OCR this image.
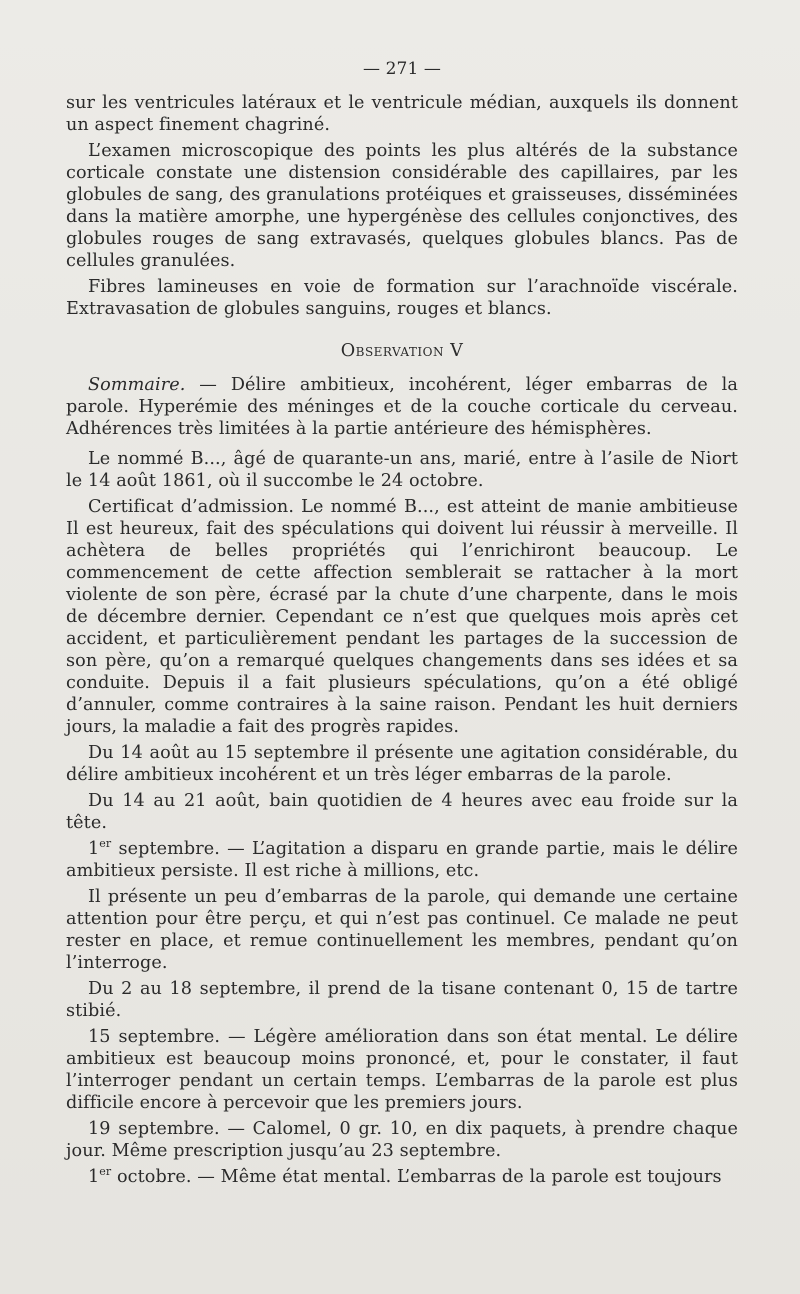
— 271 —

sur les ventricules latéraux et le ventricule médian, auxquels ils donnent un aspect finement chagriné.

L’examen microscopique des points les plus altérés de la substance corticale constate une distension considérable des capillaires, par les globules de sang, des granulations protéiques et graisseuses, disséminées dans la matière amorphe, une hypergénèse des cellules conjonctives, des globules rouges de sang extravasés, quelques globules blancs. Pas de cellules granulées.

Fibres lamineuses en voie de formation sur l’arachnoïde viscérale. Extravasation de globules sanguins, rouges et blancs.

Observation V

Sommaire. — Délire ambitieux, incohérent, léger embarras de la parole. Hyperémie des méninges et de la couche corticale du cerveau. Adhérences très limitées à la partie antérieure des hémisphères.

Le nommé B..., âgé de quarante-un ans, marié, entre à l’asile de Niort le 14 août 1861, où il succombe le 24 octobre.

Certificat d’admission. Le nommé B..., est atteint de manie ambitieuse Il est heureux, fait des spéculations qui doivent lui réussir à merveille. Il achètera de belles propriétés qui l’enrichiront beaucoup. Le commencement de cette affection semblerait se rattacher à la mort violente de son père, écrasé par la chute d’une charpente, dans le mois de décembre dernier. Cependant ce n’est que quelques mois après cet accident, et particulièrement pendant les partages de la succession de son père, qu’on a remarqué quelques changements dans ses idées et sa conduite. Depuis il a fait plusieurs spéculations, qu’on a été obligé d’annuler, comme contraires à la saine raison. Pendant les huit derniers jours, la maladie a fait des progrès rapides.

Du 14 août au 15 septembre il présente une agitation considérable, du délire ambitieux incohérent et un très léger embarras de la parole.

Du 14 au 21 août, bain quotidien de 4 heures avec eau froide sur la tête.

1er septembre. — L’agitation a disparu en grande partie, mais le délire ambitieux persiste. Il est riche à millions, etc.

Il présente un peu d’embarras de la parole, qui demande une certaine attention pour être perçu, et qui n’est pas continuel. Ce malade ne peut rester en place, et remue continuellement les membres, pendant qu’on l’interroge.

Du 2 au 18 septembre, il prend de la tisane contenant 0, 15 de tartre stibié.

15 septembre. — Légère amélioration dans son état mental. Le délire ambitieux est beaucoup moins prononcé, et, pour le constater, il faut l’interroger pendant un certain temps. L’embarras de la parole est plus difficile encore à percevoir que les premiers jours.

19 septembre. — Calomel, 0 gr. 10, en dix paquets, à prendre chaque jour. Même prescription jusqu’au 23 septembre.

1er octobre. — Même état mental. L’embarras de la parole est toujours
